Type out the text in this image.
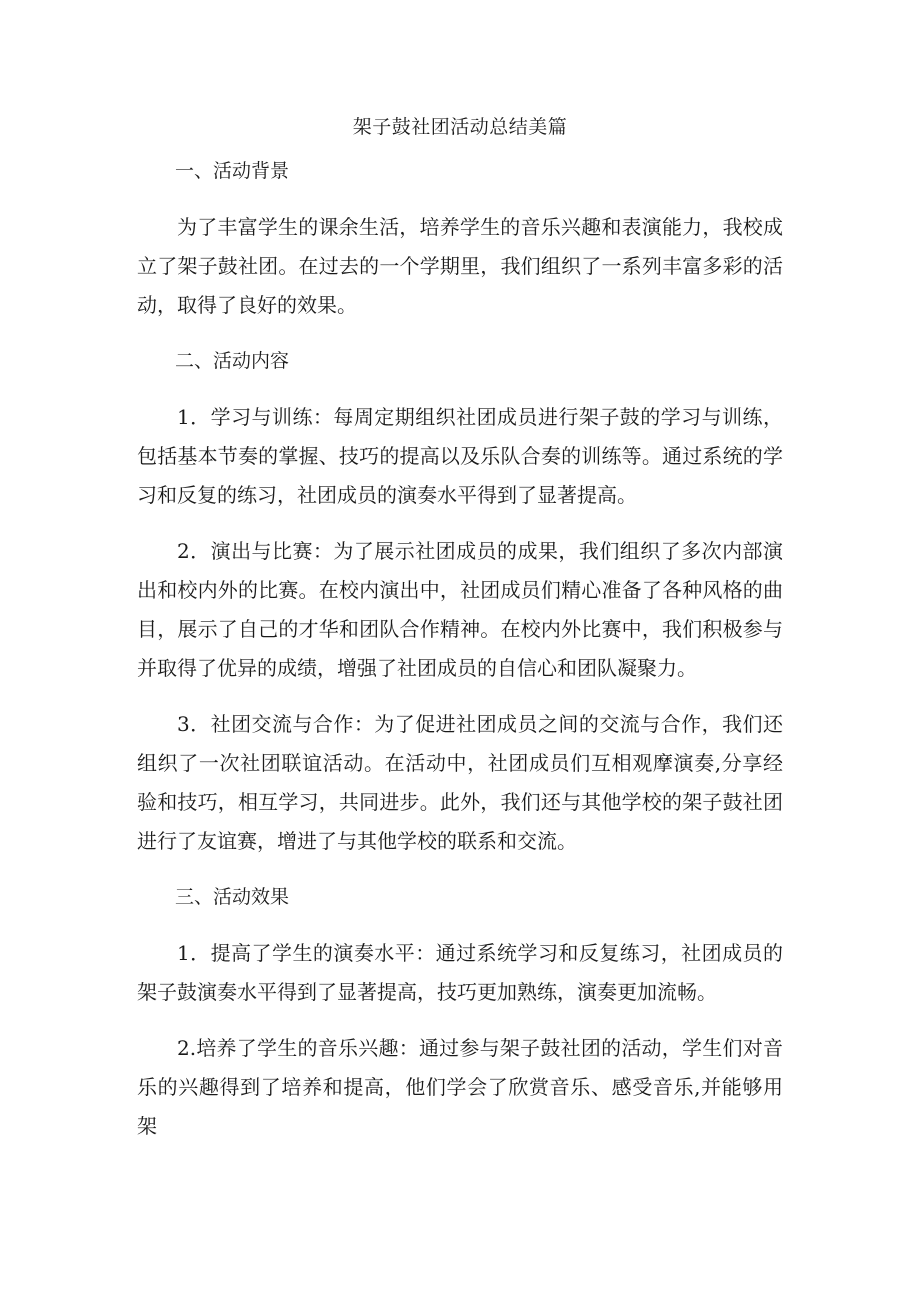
架子鼓社团活动总结美篇

一、活动背景

为了丰富学生的课余生活，培养学生的音乐兴趣和表演能力，我校成立了架子鼓社团。在过去的一个学期里，我们组织了一系列丰富多彩的活动，取得了良好的效果。

二、活动内容

1．学习与训练：每周定期组织社团成员进行架子鼓的学习与训练，包括基本节奏的掌握、技巧的提高以及乐队合奏的训练等。通过系统的学习和反复的练习，社团成员的演奏水平得到了显著提高。

2．演出与比赛：为了展示社团成员的成果，我们组织了多次内部演出和校内外的比赛。在校内演出中，社团成员们精心准备了各种风格的曲目，展示了自己的才华和团队合作精神。在校内外比赛中，我们积极参与并取得了优异的成绩，增强了社团成员的自信心和团队凝聚力。

3．社团交流与合作：为了促进社团成员之间的交流与合作，我们还组织了一次社团联谊活动。在活动中，社团成员们互相观摩演奏,分享经验和技巧，相互学习，共同进步。此外，我们还与其他学校的架子鼓社团进行了友谊赛，增进了与其他学校的联系和交流。

三、活动效果

1．提高了学生的演奏水平：通过系统学习和反复练习，社团成员的架子鼓演奏水平得到了显著提高，技巧更加熟练，演奏更加流畅。

2.培养了学生的音乐兴趣：通过参与架子鼓社团的活动，学生们对音乐的兴趣得到了培养和提高，他们学会了欣赏音乐、感受音乐,并能够用架
